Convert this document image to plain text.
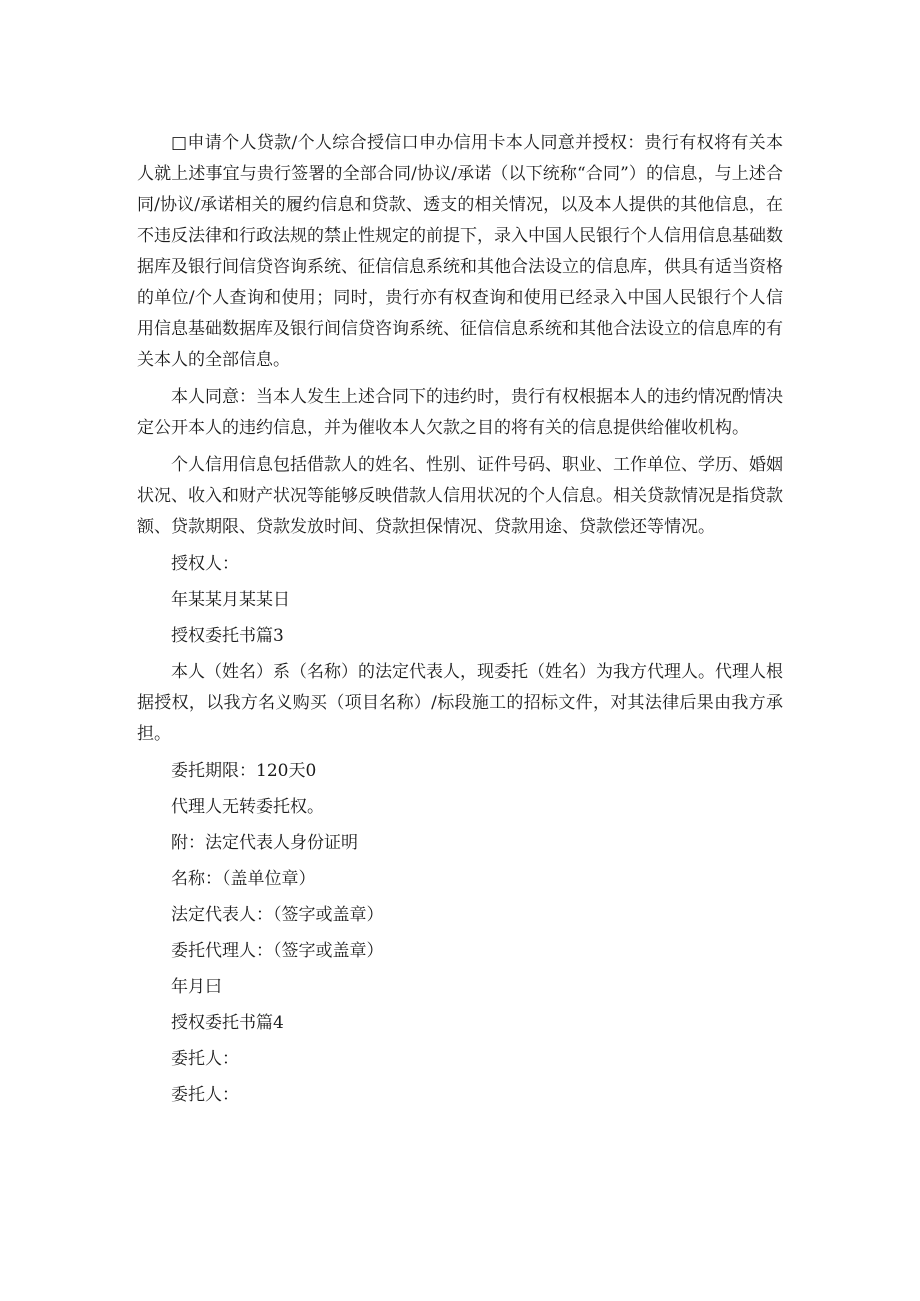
□申请个人贷款/个人综合授信口申办信用卡本人同意并授权：贵行有权将有关本人就上述事宜与贵行签署的全部合同/协议/承诺（以下统称“合同”）的信息，与上述合同/协议/承诺相关的履约信息和贷款、透支的相关情况，以及本人提供的其他信息，在不违反法律和行政法规的禁止性规定的前提下，录入中国人民银行个人信用信息基础数据库及银行间信贷咨询系统、征信信息系统和其他合法设立的信息库，供具有适当资格的单位/个人查询和使用；同时，贵行亦有权查询和使用已经录入中国人民银行个人信用信息基础数据库及银行间信贷咨询系统、征信信息系统和其他合法设立的信息库的有关本人的全部信息。

本人同意：当本人发生上述合同下的违约时，贵行有权根据本人的违约情况酌情决定公开本人的违约信息，并为催收本人欠款之目的将有关的信息提供给催收机构。

个人信用信息包括借款人的姓名、性别、证件号码、职业、工作单位、学历、婚姻状况、收入和财产状况等能够反映借款人信用状况的个人信息。相关贷款情况是指贷款额、贷款期限、贷款发放时间、贷款担保情况、贷款用途、贷款偿还等情况。

授权人：

年某某月某某日

授权委托书篇3

本人（姓名）系（名称）的法定代表人，现委托（姓名）为我方代理人。代理人根据授权，以我方名义购买（项目名称）/标段施工的招标文件，对其法律后果由我方承担。

委托期限：120天0

代理人无转委托权。

附：法定代表人身份证明

名称：（盖单位章）

法定代表人：（签字或盖章）

委托代理人：（签字或盖章）

年月曰

授权委托书篇4

委托人：

委托人：
